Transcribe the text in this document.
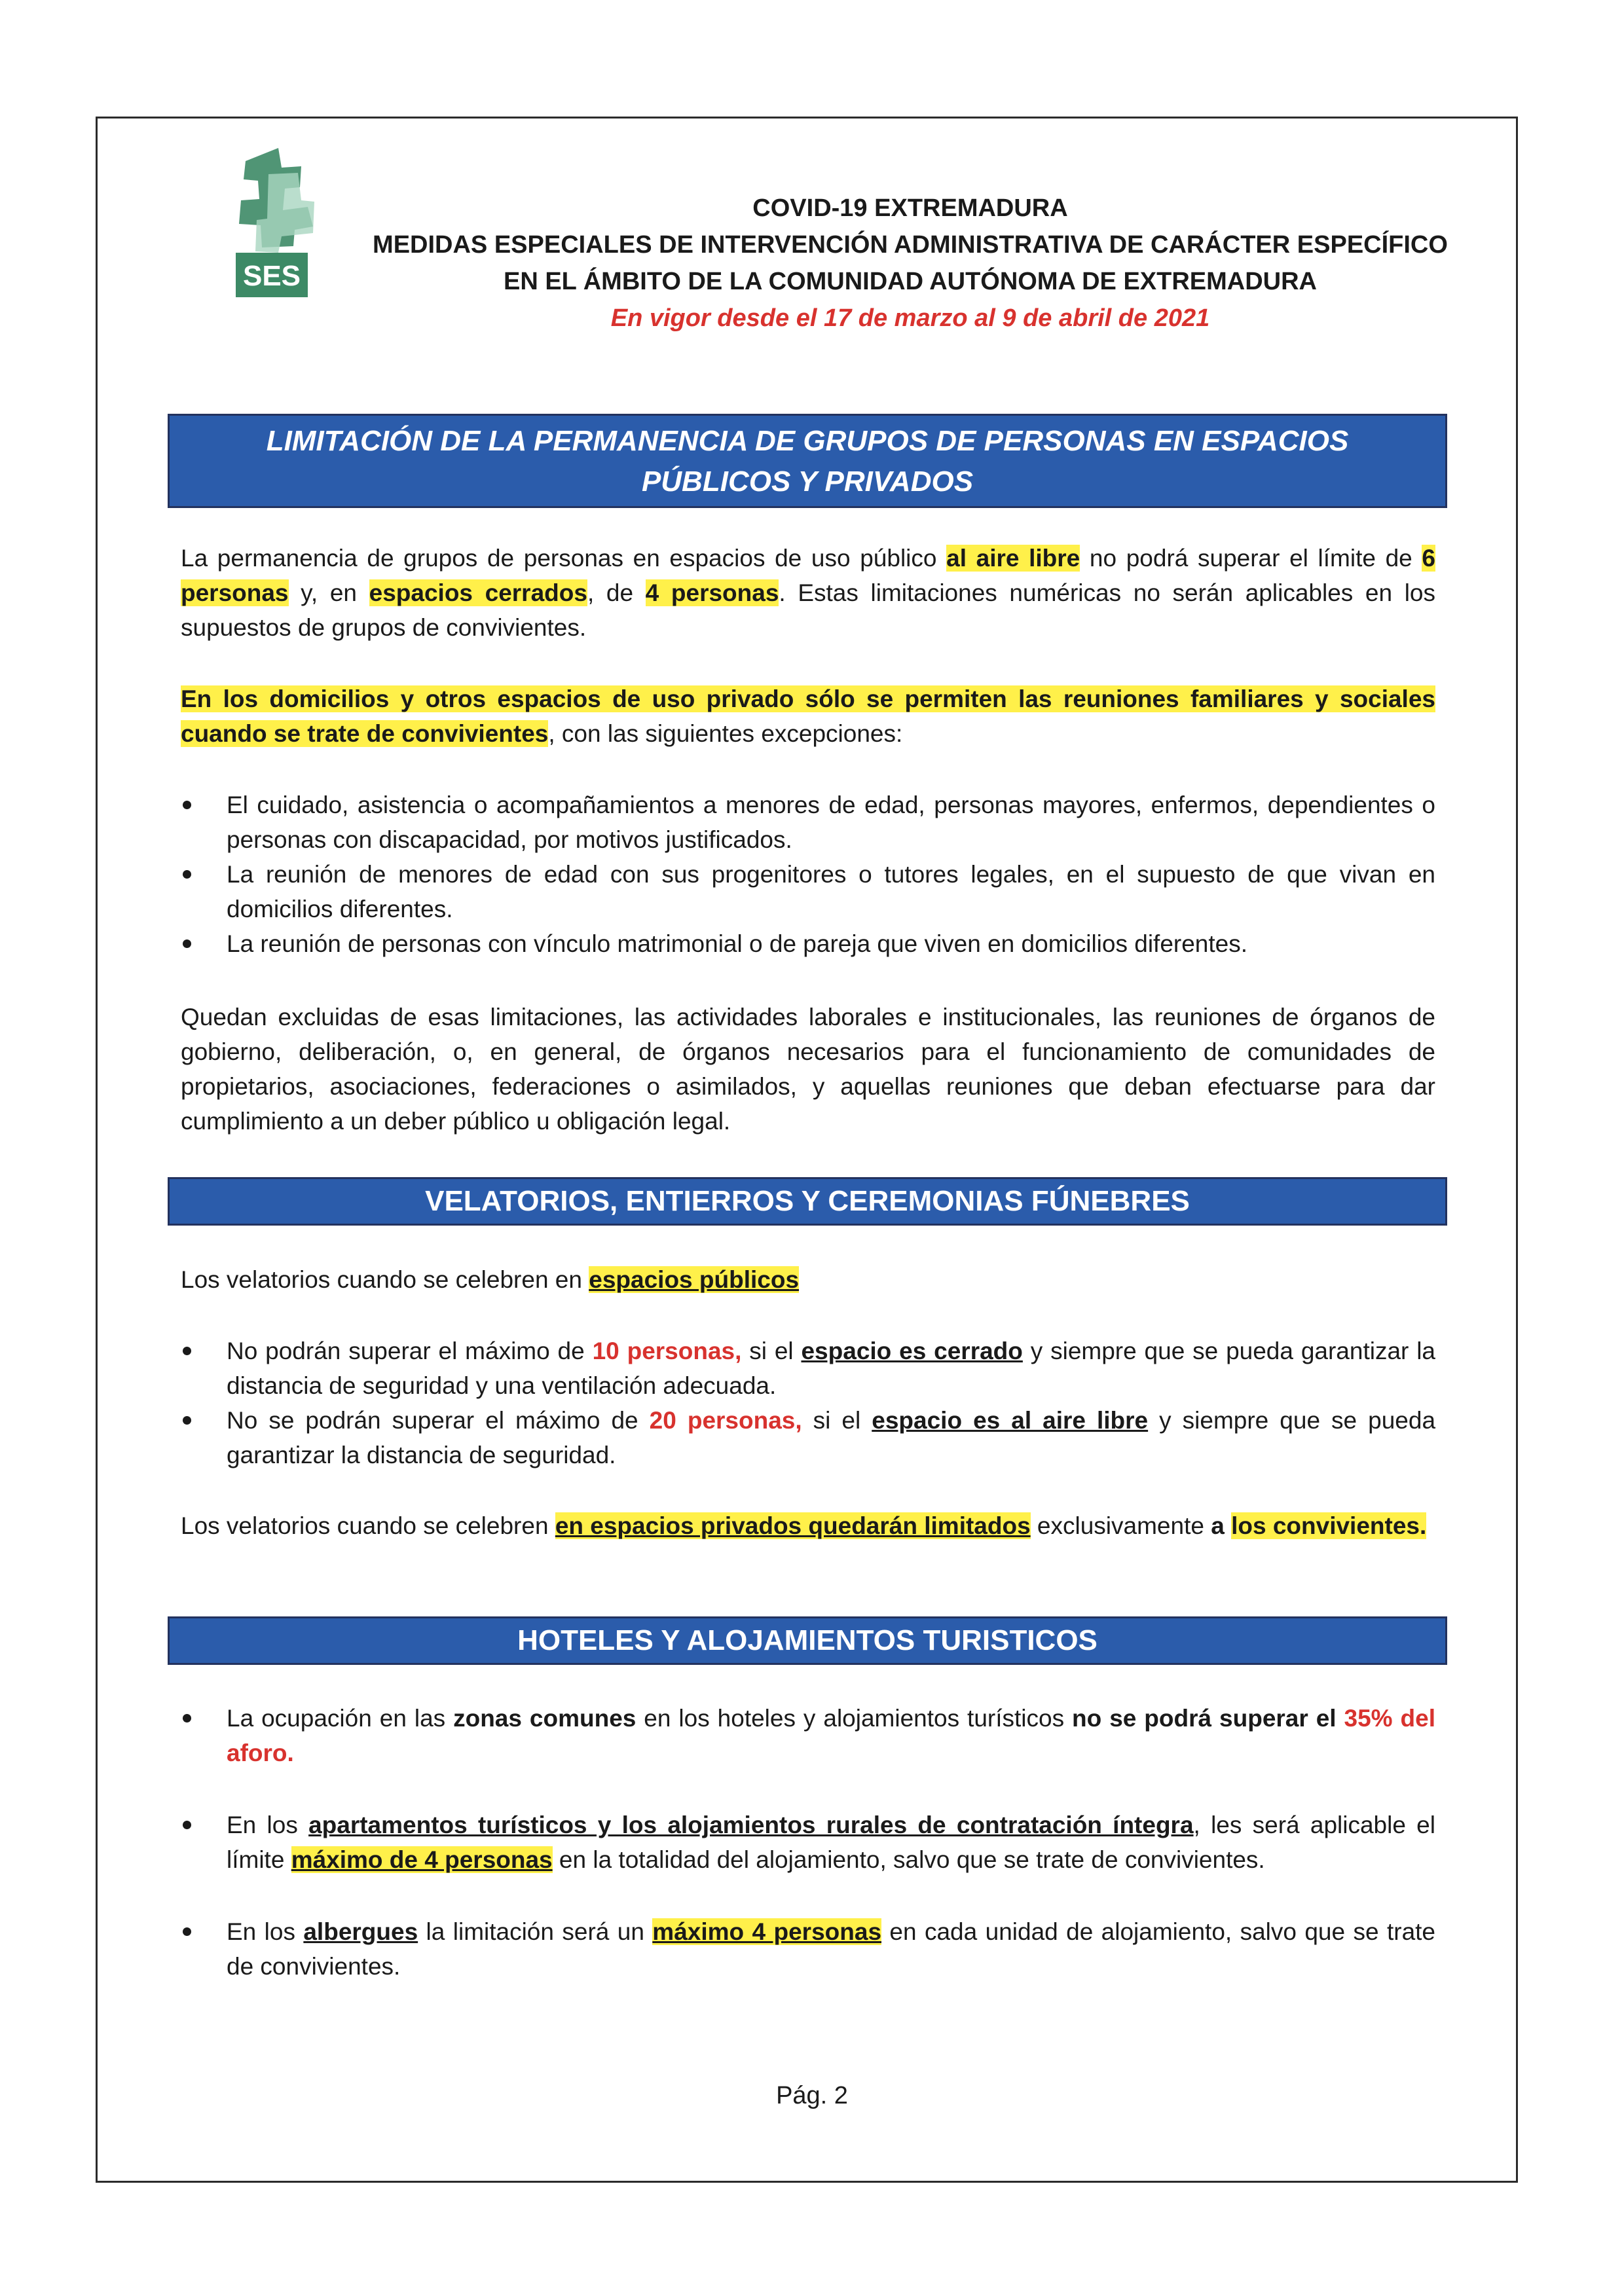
SES
COVID-19 EXTREMADURA
MEDIDAS ESPECIALES DE INTERVENCIÓN ADMINISTRATIVA DE CARÁCTER ESPECÍFICO
EN EL ÁMBITO DE LA COMUNIDAD AUTÓNOMA DE EXTREMADURA
En vigor desde el 17 de marzo al 9 de abril de 2021
LIMITACIÓN DE LA PERMANENCIA DE GRUPOS DE PERSONAS EN ESPACIOS
PÚBLICOS Y PRIVADOS
La permanencia de grupos de personas en espacios de uso público al aire libre no podrá superar el límite de 6 personas y, en espacios cerrados, de 4 personas. Estas limitaciones numéricas no serán aplicables en los supuestos de grupos de convivientes.
En los domicilios y otros espacios de uso privado sólo se permiten las reuniones familiares y sociales cuando se trate de convivientes, con las siguientes excepciones:
El cuidado, asistencia o acompañamientos a menores de edad, personas mayores, enfermos, dependientes o personas con discapacidad, por motivos justificados.
La reunión de menores de edad con sus progenitores o tutores legales, en el supuesto de que vivan en domicilios diferentes.
La reunión de personas con vínculo matrimonial o de pareja que viven en domicilios diferentes.
Quedan excluidas de esas limitaciones, las actividades laborales e institucionales, las reuniones de órganos de gobierno, deliberación, o, en general, de órganos necesarios para el funcionamiento de comunidades de propietarios, asociaciones, federaciones o asimilados, y aquellas reuniones que deban efectuarse para dar cumplimiento a un deber público u obligación legal.
VELATORIOS, ENTIERROS Y CEREMONIAS FÚNEBRES
Los velatorios cuando se celebren en espacios públicos
No podrán superar el máximo de 10 personas, si el espacio es cerrado y siempre que se pueda garantizar la distancia de seguridad y una ventilación adecuada.
No se podrán superar el máximo de 20 personas, si el espacio es al aire libre y siempre que se pueda garantizar la distancia de seguridad.
Los velatorios cuando se celebren en espacios privados quedarán limitados exclusivamente a los convivientes.
HOTELES Y ALOJAMIENTOS TURISTICOS
La ocupación en las zonas comunes en los hoteles y alojamientos turísticos no se podrá superar el 35% del aforo.
En los apartamentos turísticos y los alojamientos rurales de contratación íntegra, les será aplicable el límite máximo de 4 personas en la totalidad del alojamiento, salvo que se trate de convivientes.
En los albergues la limitación será un máximo 4 personas en cada unidad de alojamiento, salvo que se trate de convivientes.
Pág. 2
